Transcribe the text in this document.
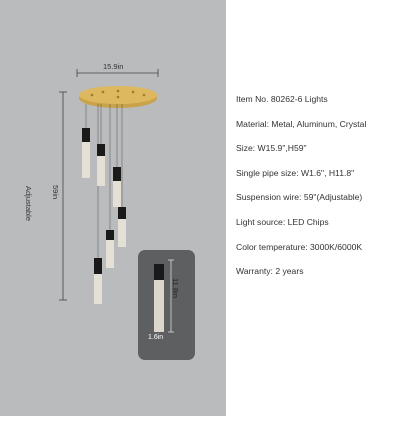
15.9in
59in
Adjustable
11.8in
1.6in
Item No. 80262-6 Lights
Material: Metal, Aluminum, Crystal
Size: W15.9",H59"
Single pipe size: W1.6", H11.8"
Suspension wire: 59"(Adjustable)
Light source: LED Chips
Color temperature: 3000K/6000K
Warranty: 2 years
